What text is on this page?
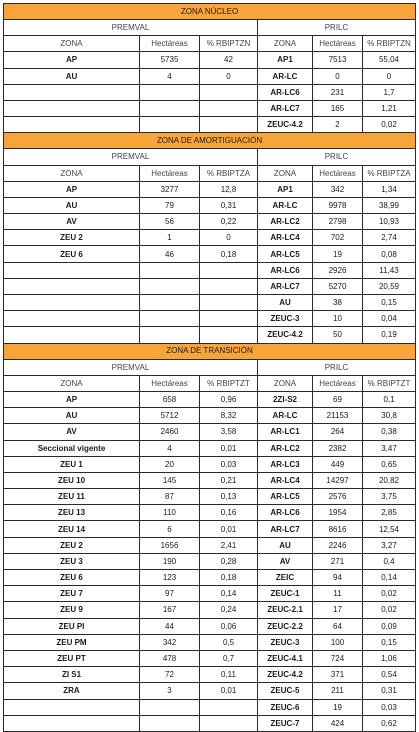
ZONA NÚCLEO					
PREMVAL			PRILC		
ZONA	Hectáreas	% RBIPTZN	ZONA	Hectáreas	% RBIPTZN
AP	5735	42	AP1	7513	55,04
AU	4	0	AR-LC	0	0
			AR-LC6	231	1,7
			AR-LC7	165	1,21
			ZEUC-4.2	2	0,02
ZONA DE AMORTIGUACIÓN					
PREMVAL			PRILC		
ZONA	Hectáreas	% RBIPTZA	ZONA	Hectáreas	% RBIPTZA
AP	3277	12,8	AP1	342	1,34
AU	79	0,31	AR-LC	9978	38,99
AV	56	0,22	AR-LC2	2798	10,93
ZEU 2	1	0	AR-LC4	702	2,74
ZEU 6	46	0,18	AR-LC5	19	0,08
			AR-LC6	2926	11,43
			AR-LC7	5270	20,59
			AU	38	0,15
			ZEUC-3	10	0,04
			ZEUC-4.2	50	0,19
ZONA DE TRANSICIÓN					
PREMVAL			PRILC		
ZONA	Hectáreas	% RBIPTZT	ZONA	Hectáreas	% RBIPTZT
AP	658	0,96	2ZI-S2	69	0,1
AU	5712	8,32	AR-LC	21153	30,8
AV	2460	3,58	AR-LC1	264	0,38
Seccional vigente	4	0,01	AR-LC2	2382	3,47
ZEU 1	20	0,03	AR-LC3	449	0,65
ZEU 10	145	0,21	AR-LC4	14297	20,82
ZEU 11	87	0,13	AR-LC5	2576	3,75
ZEU 13	110	0,16	AR-LC6	1954	2,85
ZEU 14	6	0,01	AR-LC7	8616	12,54
ZEU 2	1656	2,41	AU	2246	3,27
ZEU 3	190	0,28	AV	271	0,4
ZEU 6	123	0,18	ZEIC	94	0,14
ZEU 7	97	0,14	ZEUC-1	11	0,02
ZEU 9	167	0,24	ZEUC-2.1	17	0,02
ZEU PI	44	0,06	ZEUC-2.2	64	0,09
ZEU PM	342	0,5	ZEUC-3	100	0,15
ZEU PT	478	0,7	ZEUC-4.1	724	1,06
ZI S1	72	0,11	ZEUC-4.2	371	0,54
ZRA	3	0,01	ZEUC-5	211	0,31
			ZEUC-6	19	0,03
			ZEUC-7	424	0,62
